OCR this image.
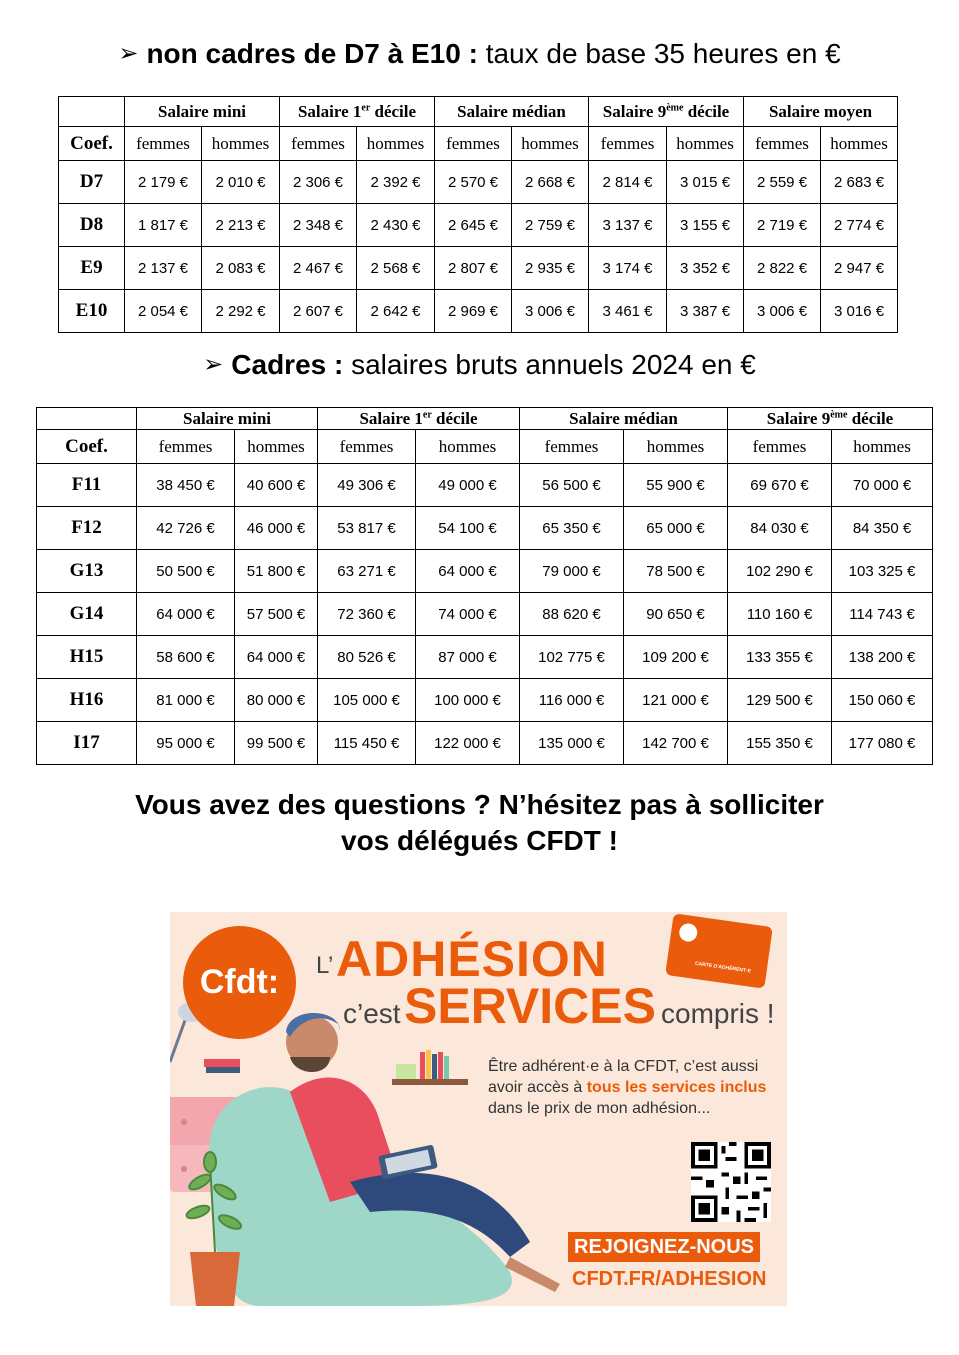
➢ non cadres de D7 à E10 : taux de base 35 heures en €
	Salaire mini		Salaire 1er décile		Salaire médian		Salaire 9ème décile		Salaire moyen	
Coef.	femmes	hommes	femmes	hommes	femmes	hommes	femmes	hommes	femmes	hommes
D7	2 179 €	2 010 €	2 306 €	2 392 €	2 570 €	2 668 €	2 814 €	3 015 €	2 559 €	2 683 €
D8	1 817 €	2 213 €	2 348 €	2 430 €	2 645 €	2 759 €	3 137 €	3 155 €	2 719 €	2 774 €
E9	2 137 €	2 083 €	2 467 €	2 568 €	2 807 €	2 935 €	3 174 €	3 352 €	2 822 €	2 947 €
E10	2 054 €	2 292 €	2 607 €	2 642 €	2 969 €	3 006 €	3 461 €	3 387 €	3 006 €	3 016 €
➢ Cadres : salaires bruts annuels 2024 en €
	Salaire mini		Salaire 1er décile		Salaire médian		Salaire 9ème décile	
Coef.	femmes	hommes	femmes	hommes	femmes	hommes	femmes	hommes
F11	38 450 €	40 600 €	49 306 €	49 000 €	56 500 €	55 900 €	69 670 €	70 000 €
F12	42 726 €	46 000 €	53 817 €	54 100 €	65 350 €	65 000 €	84 030 €	84 350 €
G13	50 500 €	51 800 €	63 271 €	64 000 €	79 000 €	78 500 €	102 290 €	103 325 €
G14	64 000 €	57 500 €	72 360 €	74 000 €	88 620 €	90 650 €	110 160 €	114 743 €
H15	58 600 €	64 000 €	80 526 €	87 000 €	102 775 €	109 200 €	133 355 €	138 200 €
H16	81 000 €	80 000 €	105 000 €	100 000 €	116 000 €	121 000 €	129 500 €	150 060 €
I17	95 000 €	99 500 €	115 450 €	122 000 €	135 000 €	142 700 €	155 350 €	177 080 €
Vous avez des questions ? N’hésitez pas à solliciter
vos délégués CFDT !
Cfdt:	L’ ADHÉSION
c’est SERVICES compris !
CARTE D’ADHÉRENT·E
Être adhérent·e à la CFDT, c’est aussi
avoir accès à tous les services inclus
dans le prix de mon adhésion...
REJOIGNEZ-NOUS
CFDT.FR/ADHESION
